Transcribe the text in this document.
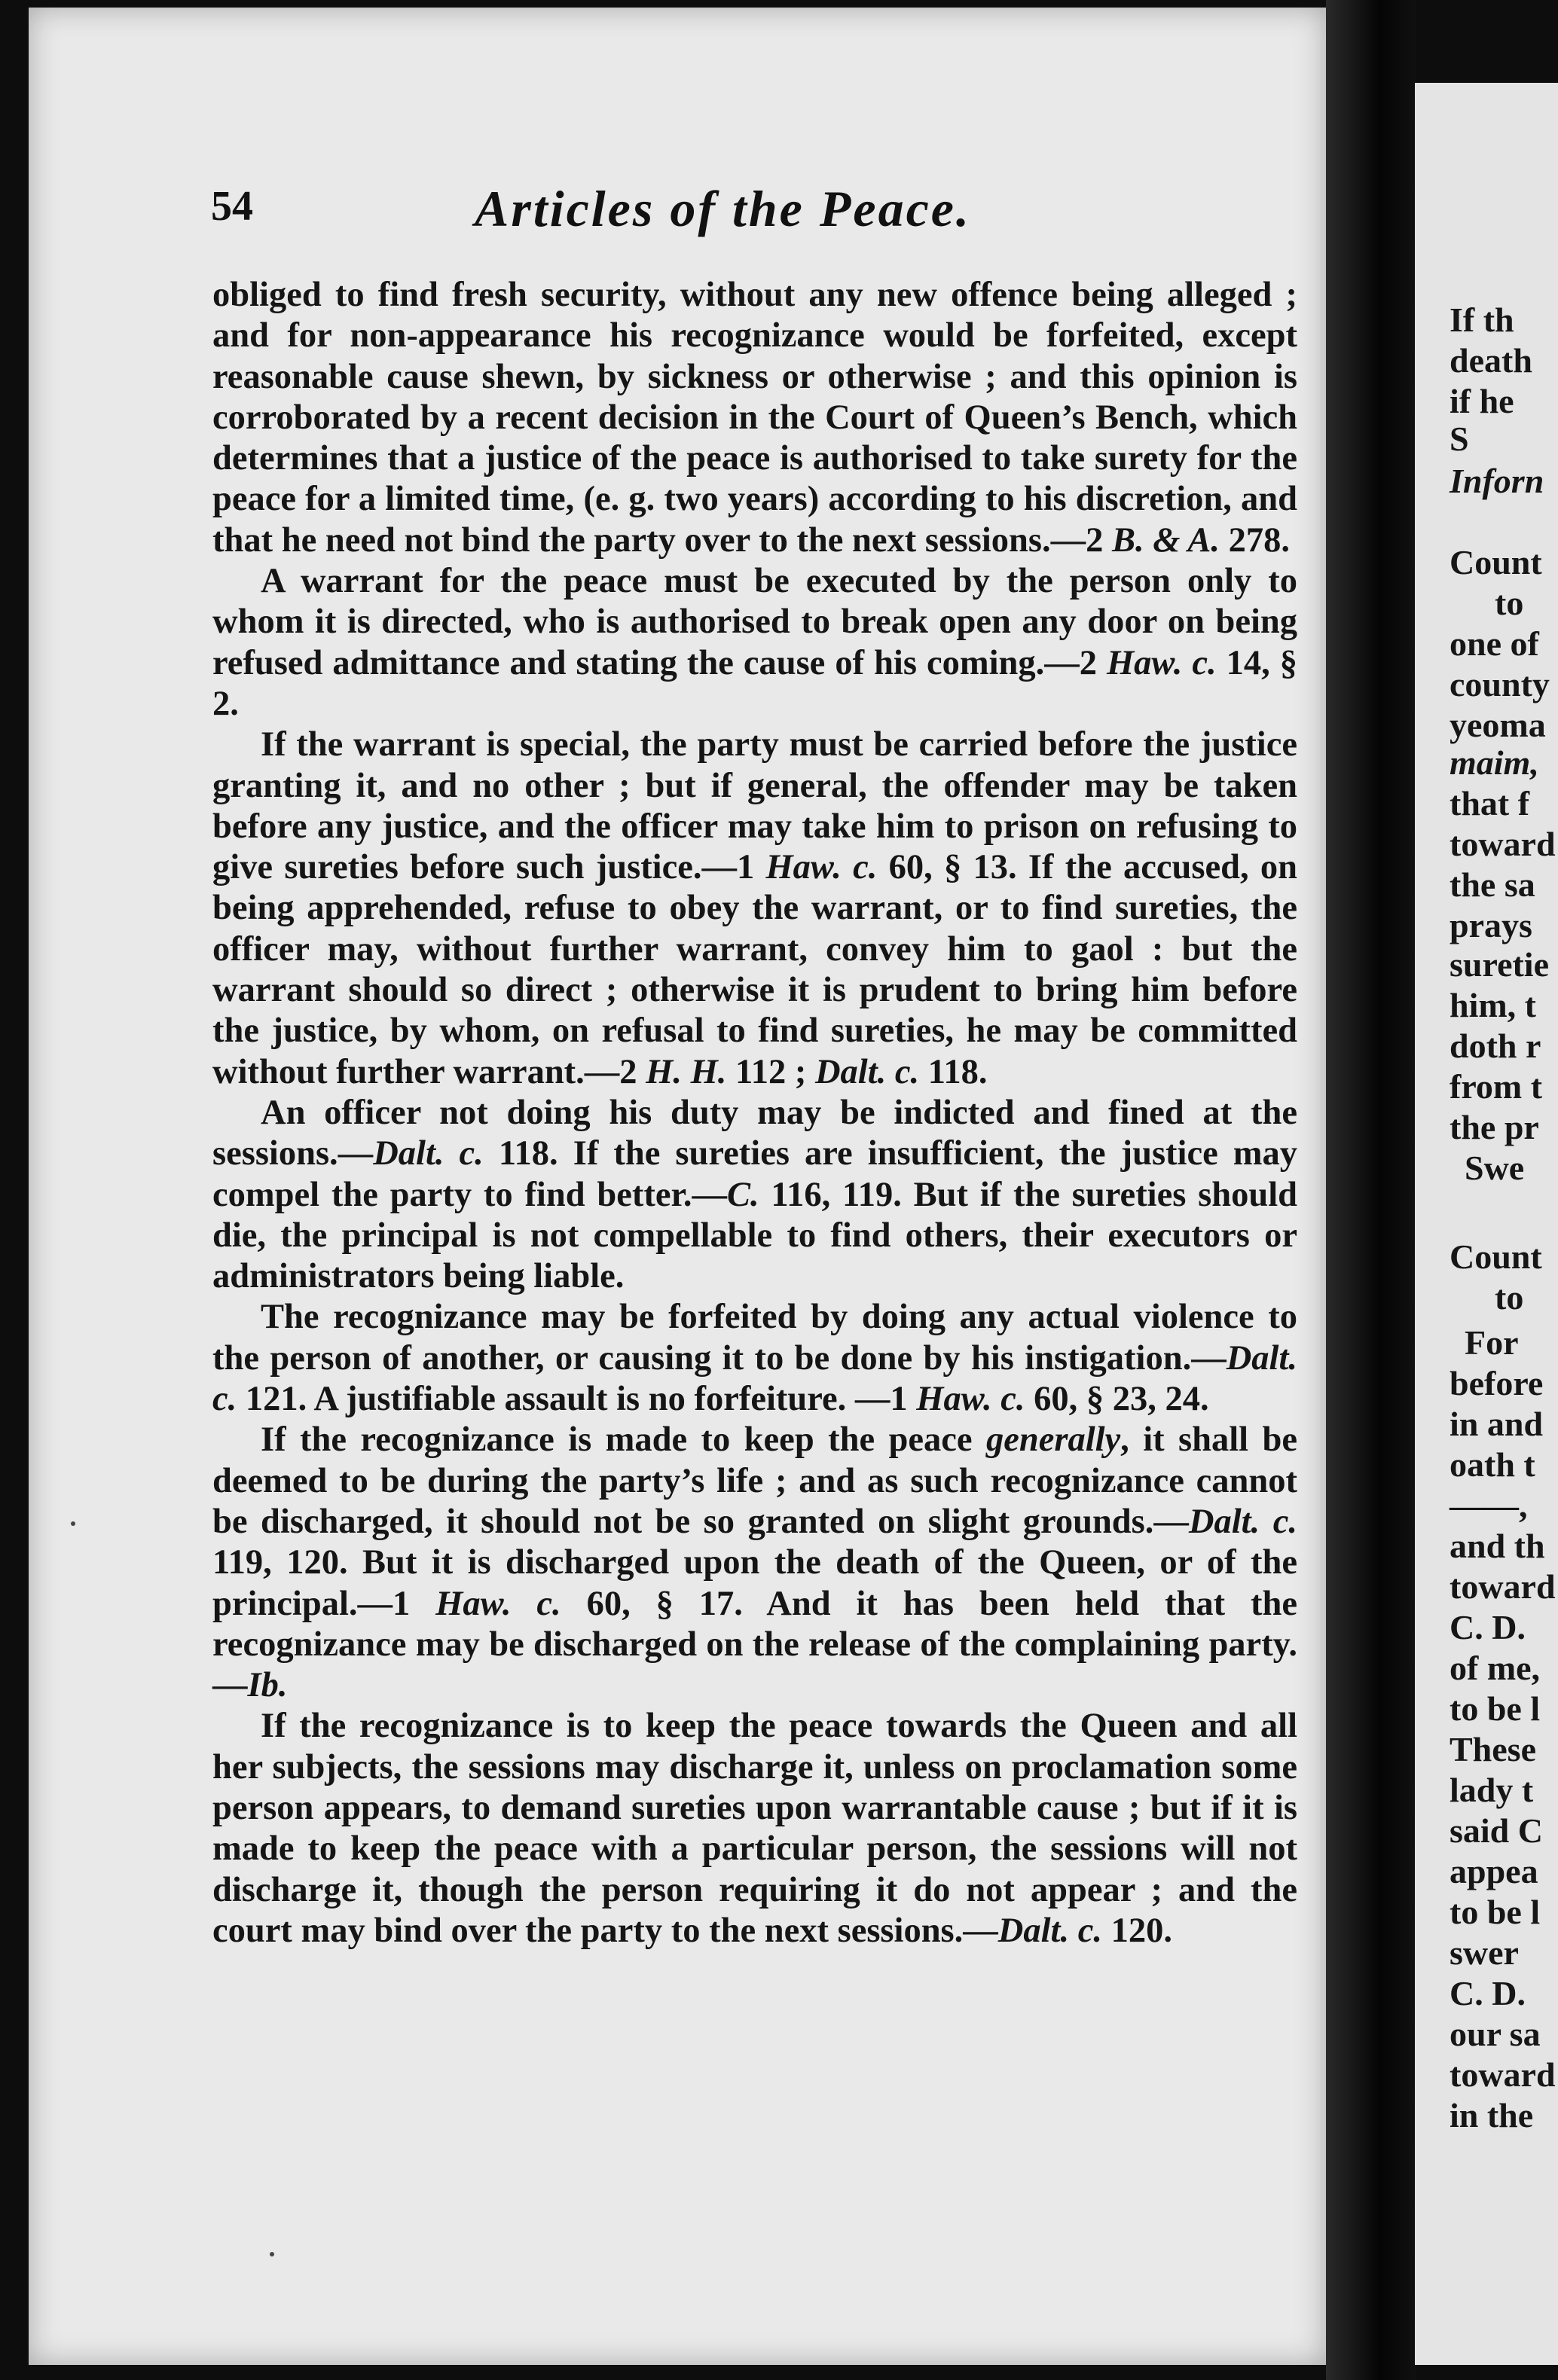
54	Articles of the Peace.

obliged to find fresh security, without any new offence being alleged ; and for non-appearance his recognizance would be forfeited, except reasonable cause shewn, by sickness or otherwise ; and this opinion is corroborated by a recent decision in the Court of Queen’s Bench, which determines that a justice of the peace is authorised to take surety for the peace for a limited time, (e. g. two years) according to his discretion, and that he need not bind the party over to the next sessions.—2 B. & A. 278.

A warrant for the peace must be executed by the person only to whom it is directed, who is authorised to break open any door on being refused admittance and stating the cause of his coming.—2 Haw. c. 14, § 2.

If the warrant is special, the party must be carried before the justice granting it, and no other ; but if general, the offender may be taken before any justice, and the officer may take him to prison on refusing to give sureties before such justice.—1 Haw. c. 60, § 13. If the accused, on being apprehended, refuse to obey the warrant, or to find sureties, the officer may, without further warrant, convey him to gaol : but the warrant should so direct ; otherwise it is prudent to bring him before the justice, by whom, on refusal to find sureties, he may be committed without further warrant.—2 H. H. 112 ; Dalt. c. 118.

An officer not doing his duty may be indicted and fined at the sessions.—Dalt. c. 118. If the sureties are insufficient, the justice may compel the party to find better.—C. 116, 119. But if the sureties should die, the principal is not compellable to find others, their executors or administrators being liable.

The recognizance may be forfeited by doing any actual violence to the person of another, or causing it to be done by his instigation.—Dalt. c. 121. A justifiable assault is no forfeiture. —1 Haw. c. 60, § 23, 24.

If the recognizance is made to keep the peace generally, it shall be deemed to be during the party’s life ; and as such recognizance cannot be discharged, it should not be so granted on slight grounds.—Dalt. c. 119, 120. But it is discharged upon the death of the Queen, or of the principal.—1 Haw. c. 60, § 17. And it has been held that the recognizance may be discharged on the release of the complaining party.—Ib.

If the recognizance is to keep the peace towards the Queen and all her subjects, the sessions may discharge it, unless on proclamation some person appears, to demand sureties upon warrantable cause ; but if it is made to keep the peace with a particular person, the sessions will not discharge it, though the person requiring it do not appear ; and the court may bind over the party to the next sessions.—Dalt. c. 120.

If th
death
if he
S
Inforn
Count
to
one of
county
yeoma
maim,
that f
toward
the sa
prays
suretie
him, t
doth r
from t
the pr
Swe
Count
to
For
before
in and
oath t
——,
and th
toward
C. D.
of me,
to be l
These
lady t
said C
appea
to be l
swer
C. D.
our sa
toward
in the
